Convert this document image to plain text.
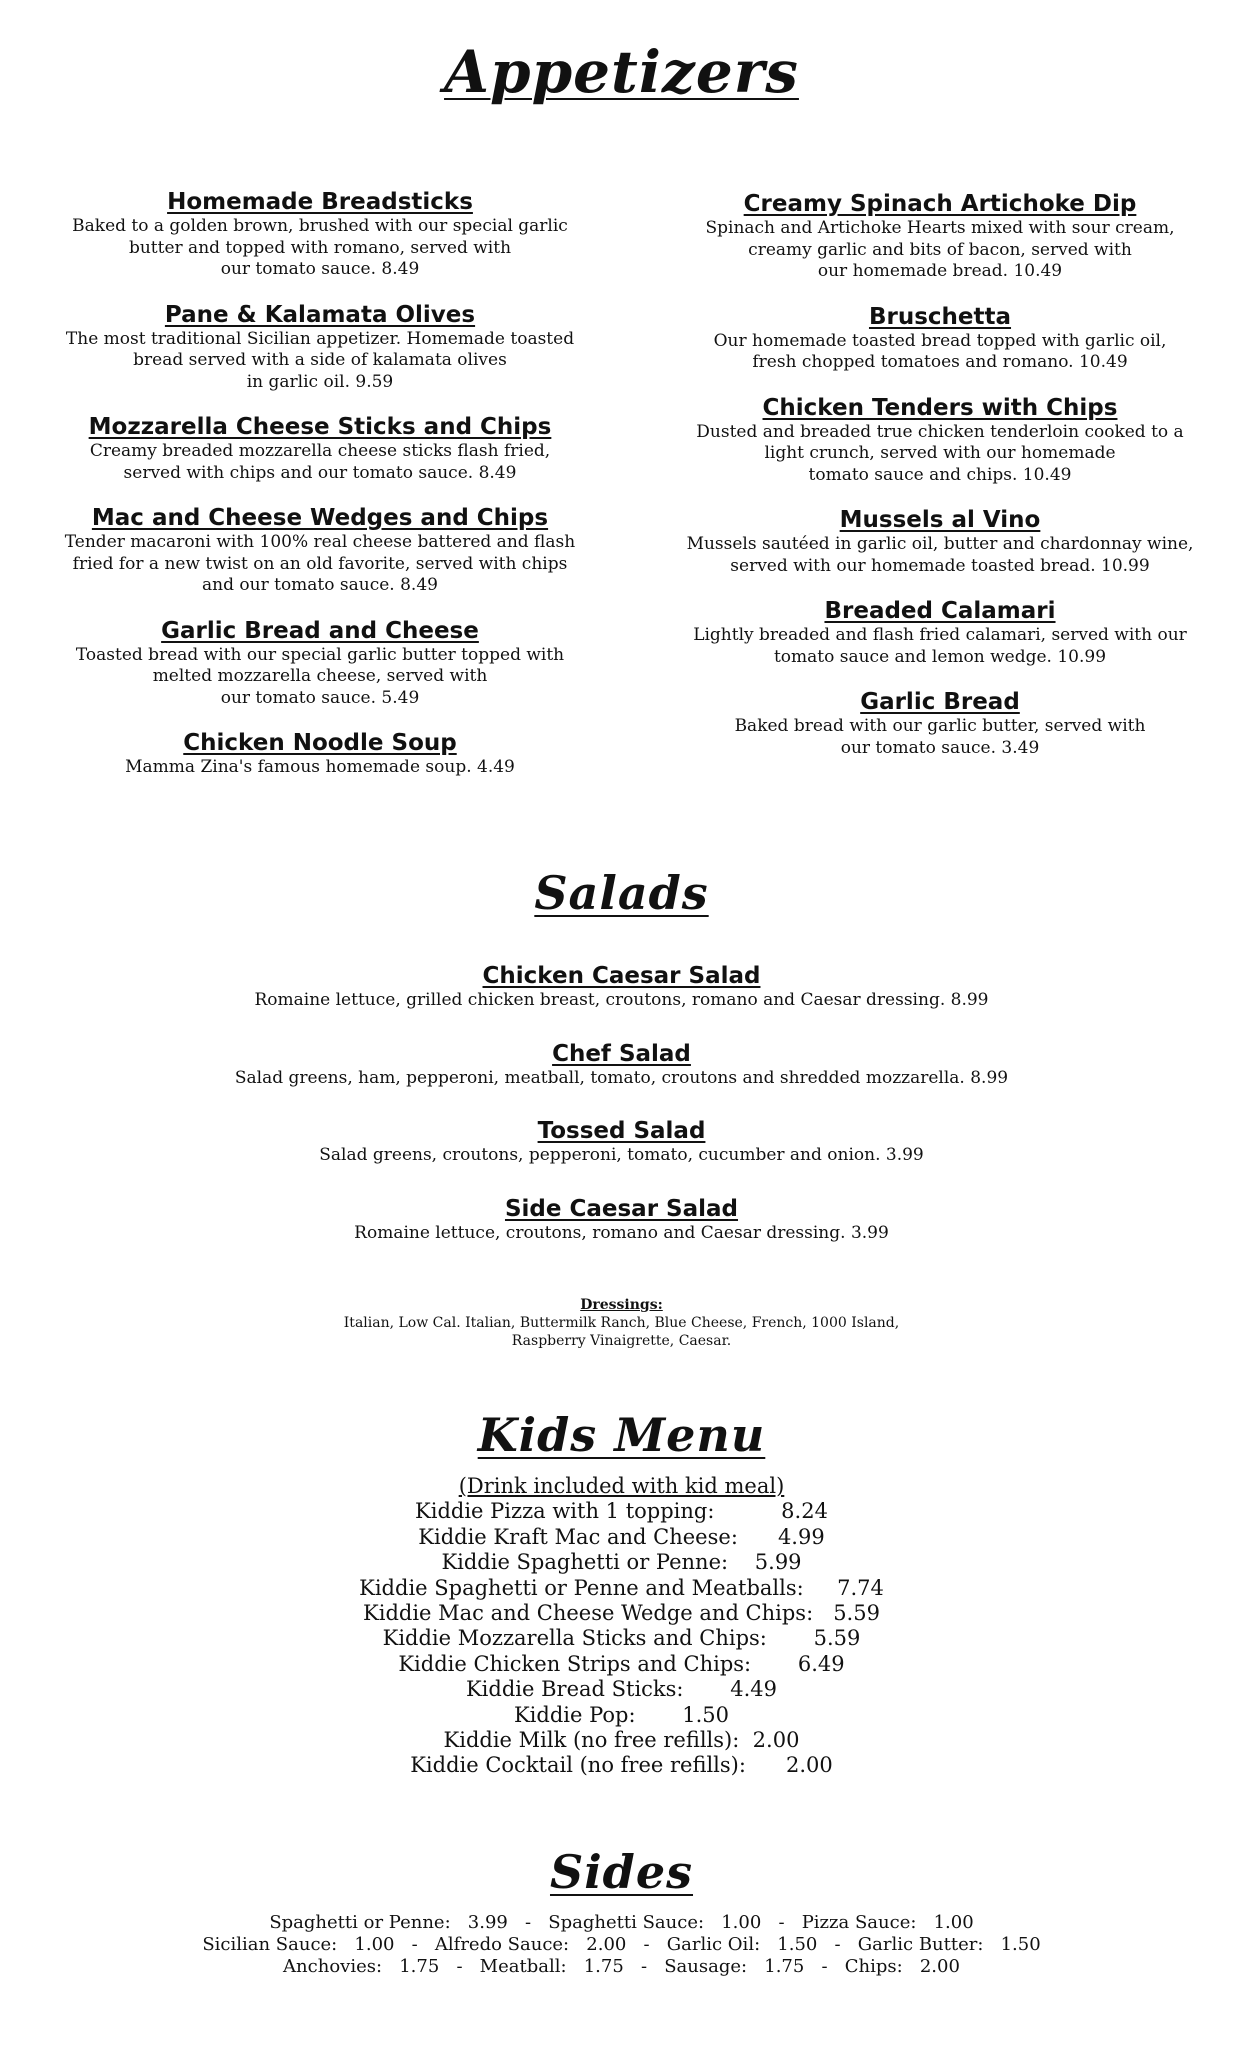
Appetizers
Homemade Breadsticks
Baked to a golden brown, brushed with our special garlic
butter and topped with romano, served with
our tomato sauce. 8.49
Pane & Kalamata Olives
The most traditional Sicilian appetizer. Homemade toasted
bread served with a side of kalamata olives
in garlic oil. 9.59
Mozzarella Cheese Sticks and Chips
Creamy breaded mozzarella cheese sticks flash fried,
served with chips and our tomato sauce. 8.49
Mac and Cheese Wedges and Chips
Tender macaroni with 100% real cheese battered and flash
fried for a new twist on an old favorite, served with chips
and our tomato sauce. 8.49
Garlic Bread and Cheese
Toasted bread with our special garlic butter topped with
melted mozzarella cheese, served with
our tomato sauce. 5.49
Chicken Noodle Soup
Mamma Zina's famous homemade soup. 4.49
Creamy Spinach Artichoke Dip
Spinach and Artichoke Hearts mixed with sour cream,
creamy garlic and bits of bacon, served with
our homemade bread. 10.49
Bruschetta
Our homemade toasted bread topped with garlic oil,
fresh chopped tomatoes and romano. 10.49
Chicken Tenders with Chips
Dusted and breaded true chicken tenderloin cooked to a
light crunch, served with our homemade
tomato sauce and chips. 10.49
Mussels al Vino
Mussels sautéed in garlic oil, butter and chardonnay wine,
served with our homemade toasted bread. 10.99
Breaded Calamari
Lightly breaded and flash fried calamari, served with our
tomato sauce and lemon wedge. 10.99
Garlic Bread
Baked bread with our garlic butter, served with
our tomato sauce. 3.49
Salads
Chicken Caesar Salad
Romaine lettuce, grilled chicken breast, croutons, romano and Caesar dressing. 8.99
Chef Salad
Salad greens, ham, pepperoni, meatball, tomato, croutons and shredded mozzarella. 8.99
Tossed Salad
Salad greens, croutons, pepperoni, tomato, cucumber and onion. 3.99
Side Caesar Salad
Romaine lettuce, croutons, romano and Caesar dressing. 3.99
Dressings:
Italian, Low Cal. Italian, Buttermilk Ranch, Blue Cheese, French, 1000 Island,
Raspberry Vinaigrette, Caesar.
Kids Menu
(Drink included with kid meal)
Kiddie Pizza with 1 topping:          8.24
Kiddie Kraft Mac and Cheese:      4.99
Kiddie Spaghetti or Penne:    5.99
Kiddie Spaghetti or Penne and Meatballs:     7.74
Kiddie Mac and Cheese Wedge and Chips:   5.59
Kiddie Mozzarella Sticks and Chips:       5.59
Kiddie Chicken Strips and Chips:       6.49
Kiddie Bread Sticks:       4.49
Kiddie Pop:       1.50
Kiddie Milk (no free refills):  2.00
Kiddie Cocktail (no free refills):      2.00
Sides
Spaghetti or Penne:   3.99   -   Spaghetti Sauce:   1.00   -   Pizza Sauce:   1.00
Sicilian Sauce:   1.00   -   Alfredo Sauce:   2.00   -   Garlic Oil:   1.50   -   Garlic Butter:   1.50
Anchovies:   1.75   -   Meatball:   1.75   -   Sausage:   1.75   -   Chips:   2.00
